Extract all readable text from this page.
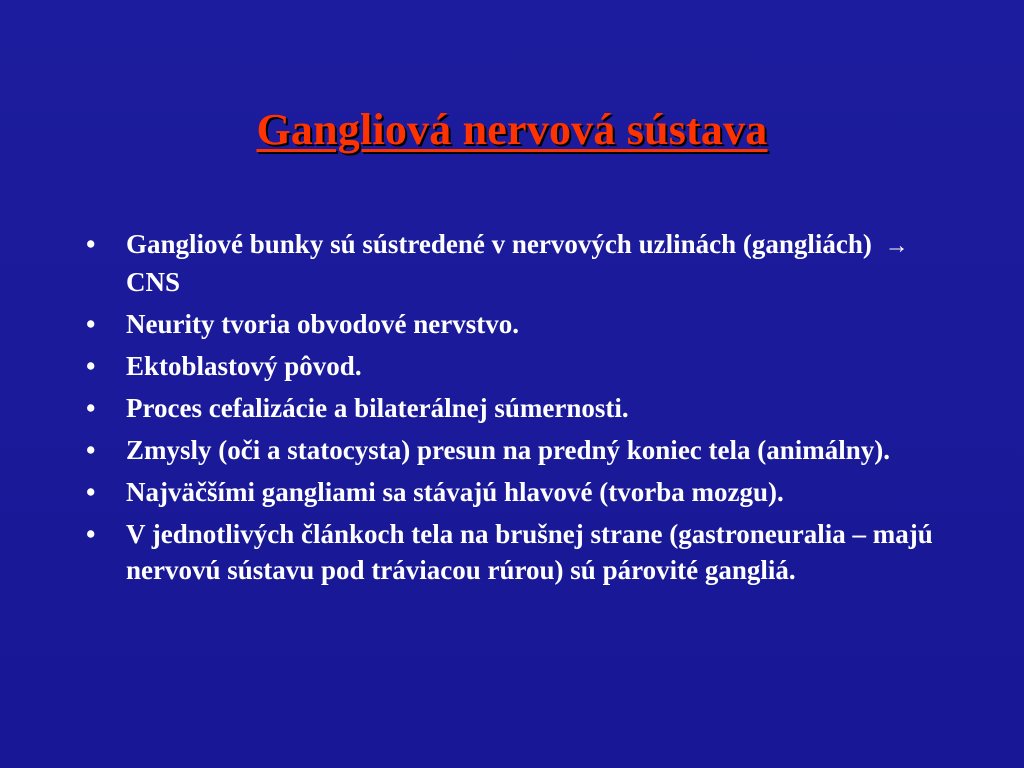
Gangliová nervová sústava
• Gangliové bunky sú sústredené v nervových uzlinách (gangliách) → CNS
• Neurity tvoria obvodové nervstvo.
• Ektoblastový pôvod.
• Proces cefalizácie a bilaterálnej súmernosti.
• Zmysly (oči a statocysta) presun na predný koniec tela (animálny).
• Najväčšími gangliami sa stávajú hlavové (tvorba mozgu).
• V jednotlivých článkoch tela na brušnej strane (gastroneuralia – majú nervovú sústavu pod tráviacou rúrou) sú párovité gangliá.
